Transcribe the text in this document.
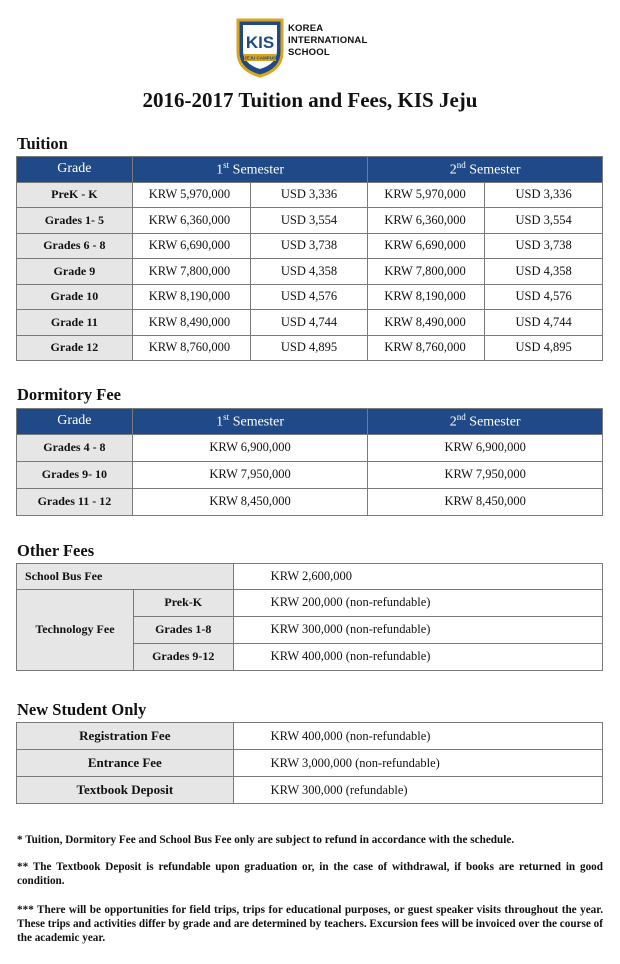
KIS
JEJU CAMPUS
KOREA
INTERNATIONAL
SCHOOL
2016-2017 Tuition and Fees, KIS Jeju
Tuition
Grade	1st Semester		2nd Semester	
PreK - K	KRW 5,970,000	USD 3,336	KRW 5,970,000	USD 3,336
Grades 1- 5	KRW 6,360,000	USD 3,554	KRW 6,360,000	USD 3,554
Grades 6 - 8	KRW 6,690,000	USD 3,738	KRW 6,690,000	USD 3,738
Grade 9	KRW 7,800,000	USD 4,358	KRW 7,800,000	USD 4,358
Grade 10	KRW 8,190,000	USD 4,576	KRW 8,190,000	USD 4,576
Grade 11	KRW 8,490,000	USD 4,744	KRW 8,490,000	USD 4,744
Grade 12	KRW 8,760,000	USD 4,895	KRW 8,760,000	USD 4,895
Dormitory Fee
Grade	1st Semester	2nd Semester
Grades 4 - 8	KRW 6,900,000	KRW 6,900,000
Grades 9- 10	KRW 7,950,000	KRW 7,950,000
Grades 11 - 12	KRW 8,450,000	KRW 8,450,000
Other Fees
School Bus Fee		KRW 2,600,000
Technology Fee	Prek-K	KRW 200,000 (non-refundable)
	Grades 1-8	KRW 300,000 (non-refundable)
	Grades 9-12	KRW 400,000 (non-refundable)
New Student Only
Registration Fee	KRW 400,000 (non-refundable)
Entrance Fee	KRW 3,000,000 (non-refundable)
Textbook Deposit	KRW 300,000 (refundable)
* Tuition, Dormitory Fee and School Bus Fee only are subject to refund in accordance with the schedule.
** The Textbook Deposit is refundable upon graduation or, in the case of withdrawal, if books are returned in good condition.
*** There will be opportunities for field trips, trips for educational purposes, or guest speaker visits throughout the year. These trips and activities differ by grade and are determined by teachers. Excursion fees will be invoiced over the course of the academic year.
